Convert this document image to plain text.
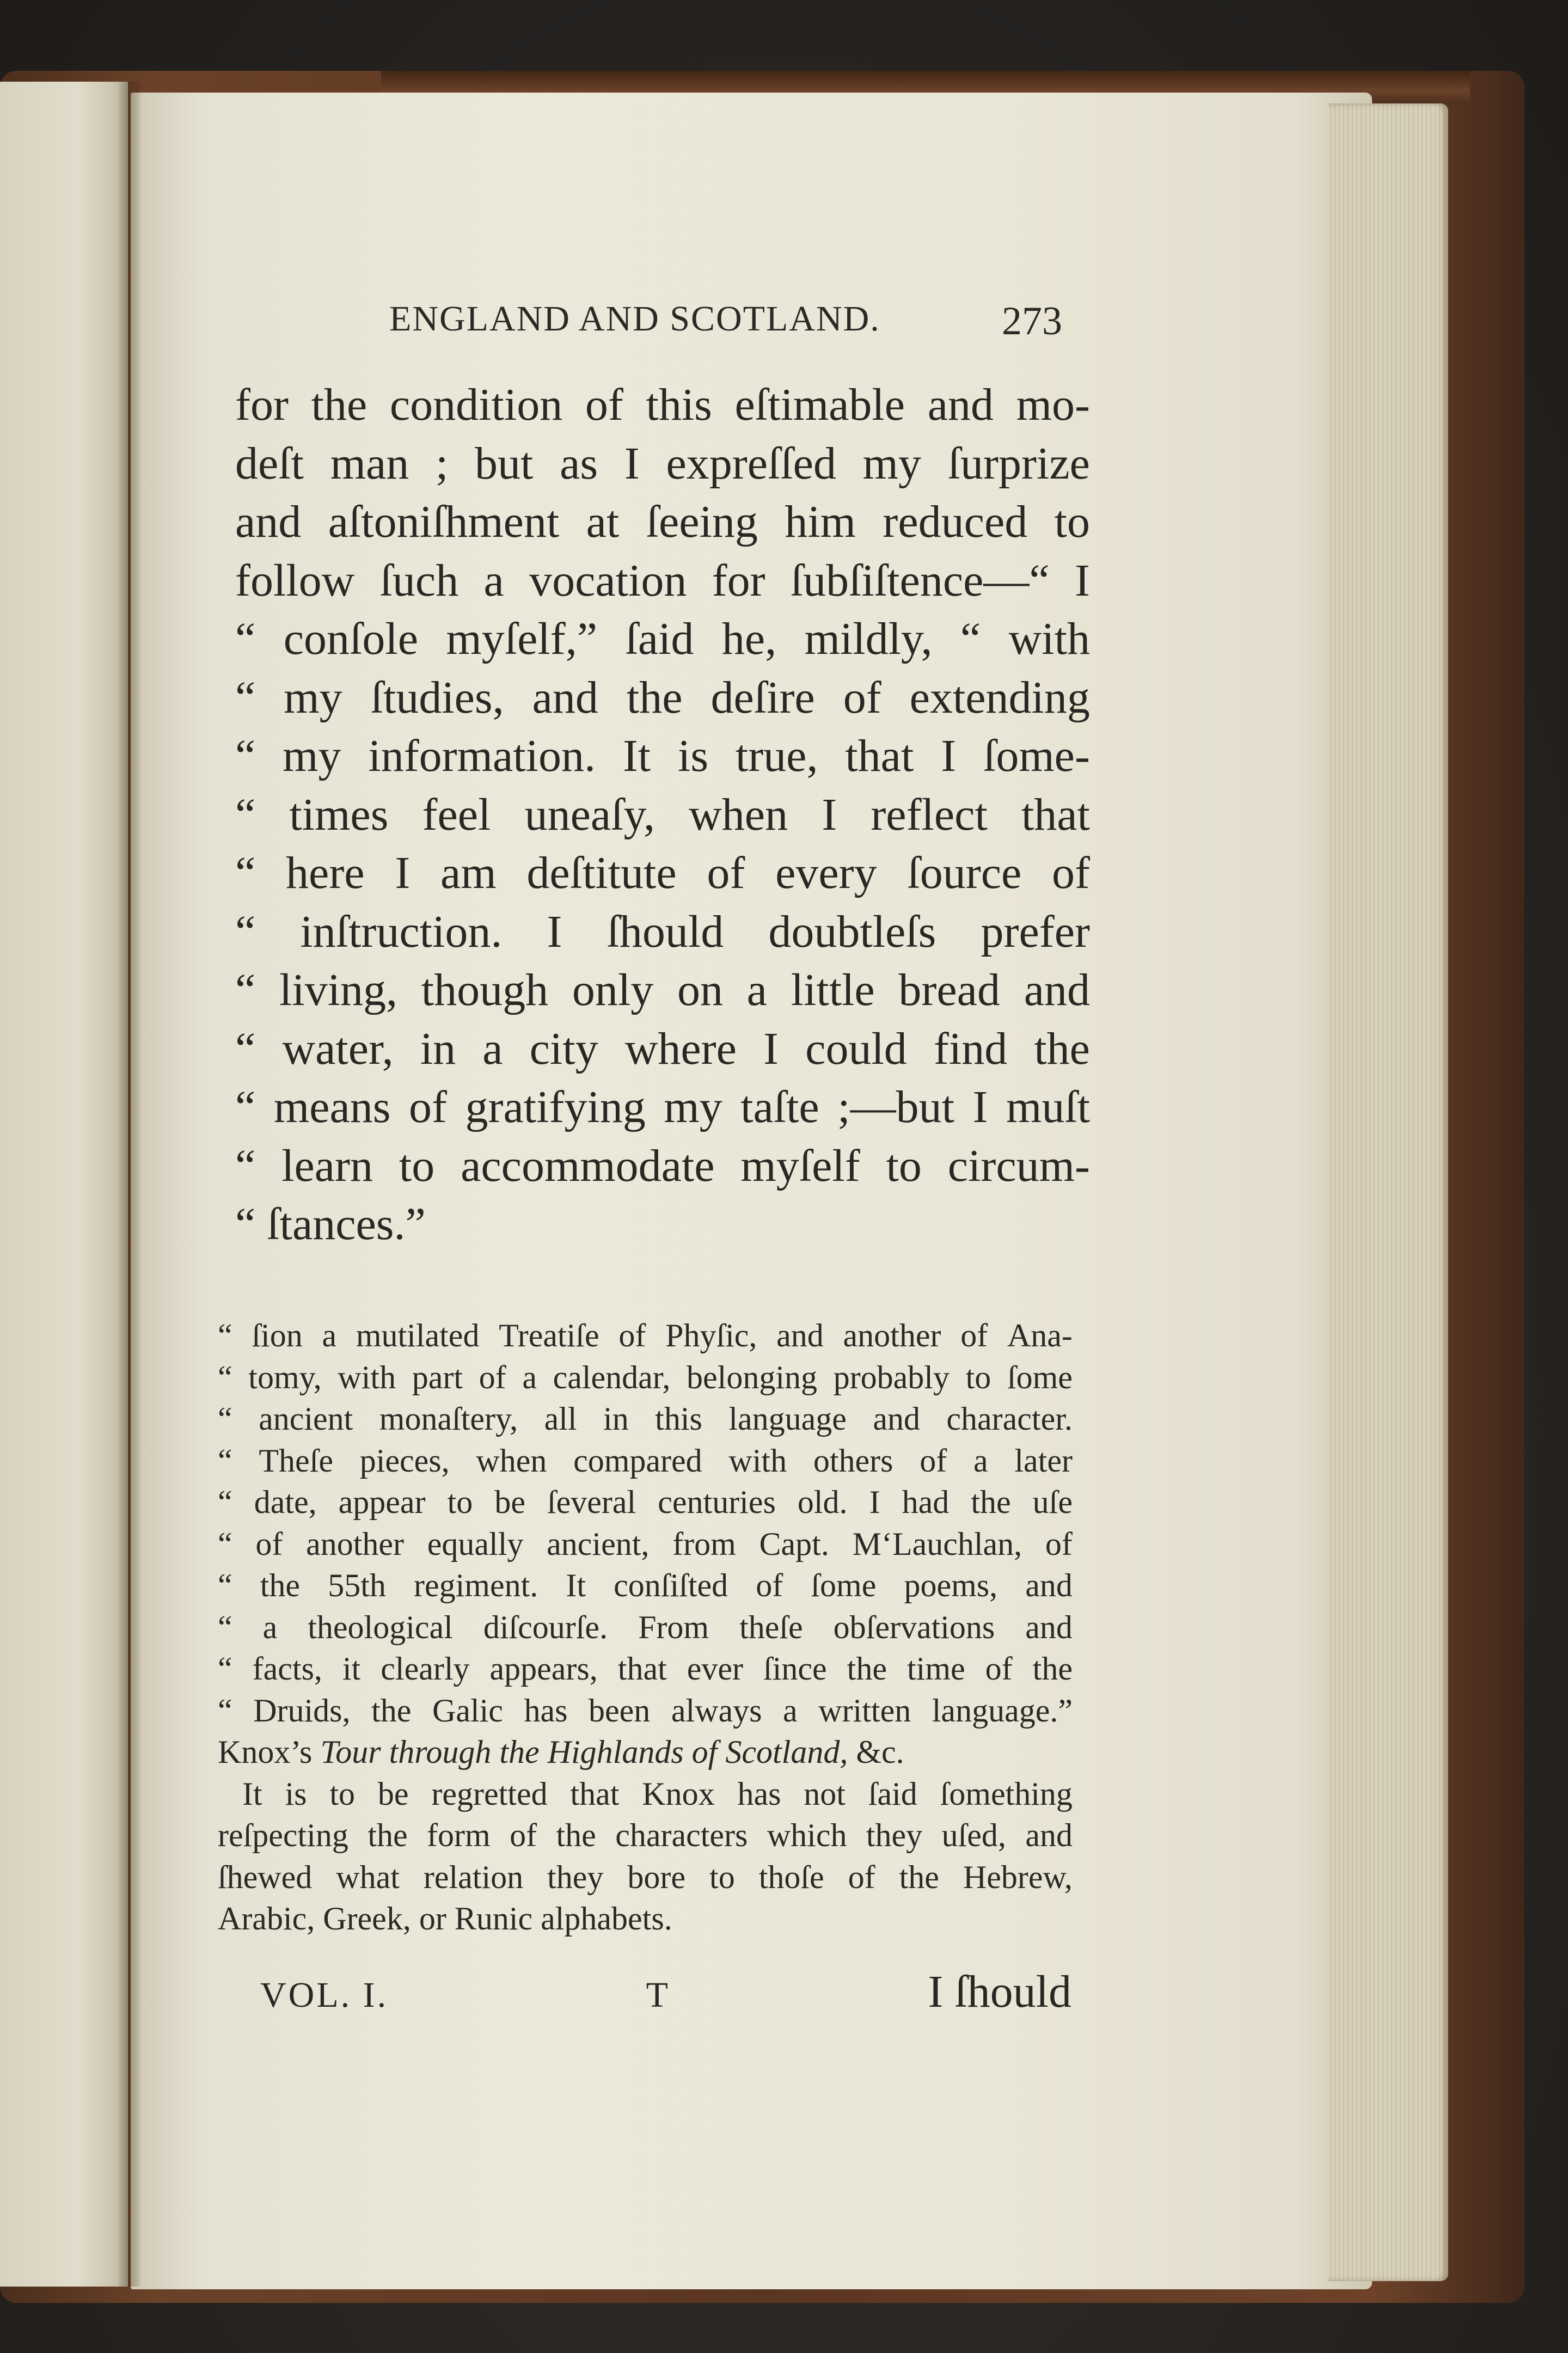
ENGLAND AND SCOTLAND.	273
for the condition of this eſtimable and mo-
deſt man ; but as I expreſſed my ſurprize
and aſtoniſhment at ſeeing him reduced to
follow ſuch a vocation for ſubſiſtence—“ I
“ conſole myſelf,” ſaid he, mildly, “ with
“ my ſtudies, and the deſire of extending
“ my information. It is true, that I ſome-
“ times feel uneaſy, when I reflect that
“ here I am deſtitute of every ſource of
“ inſtruction. I ſhould doubtleſs prefer
“ living, though only on a little bread and
“ water, in a city where I could find the
“ means of gratifying my taſte ;—but I muſt
“ learn to accommodate myſelf to circum-
“ ſtances.”
“ ſion a mutilated Treatiſe of Phyſic, and another of Ana-
“ tomy, with part of a calendar, belonging probably to ſome
“ ancient monaſtery, all in this language and character.
“ Theſe pieces, when compared with others of a later
“ date, appear to be ſeveral centuries old. I had the uſe
“ of another equally ancient, from Capt. M‘Lauchlan, of
“ the 55th regiment. It conſiſted of ſome poems, and
“ a theological diſcourſe. From theſe obſervations and
“ facts, it clearly appears, that ever ſince the time of the
“ Druids, the Galic has been always a written language.”
Knox’s
Tour through the Highlands of Scotland,
&c.
It is to be regretted that Knox has not ſaid ſomething
reſpecting the form of the characters which they uſed, and
ſhewed what relation they bore to thoſe of the Hebrew,
Arabic, Greek, or Runic alphabets.
VOL. I.	T	I ſhould
